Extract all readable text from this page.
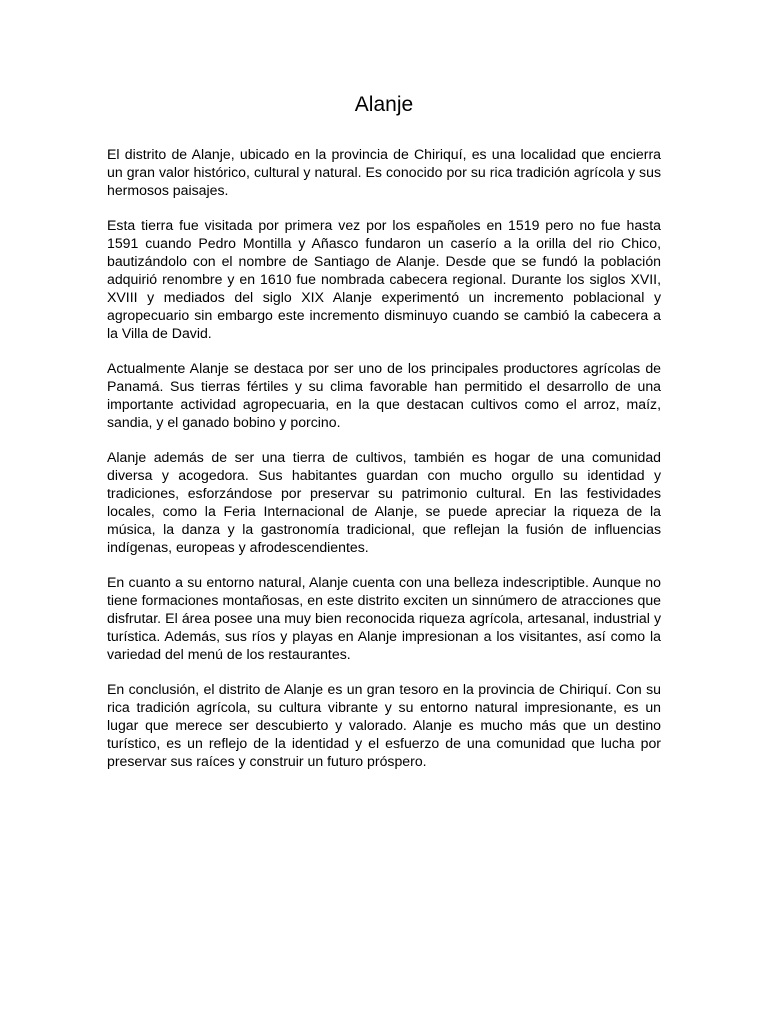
Alanje

El distrito de Alanje, ubicado en la provincia de Chiriquí, es una localidad que encierra un gran valor histórico, cultural y natural. Es conocido por su rica tradición agrícola y sus hermosos paisajes.

Esta tierra fue visitada por primera vez por los españoles en 1519 pero no fue hasta 1591 cuando Pedro Montilla y Añasco fundaron un caserío a la orilla del rio Chico, bautizándolo con el nombre de Santiago de Alanje. Desde que se fundó la población adquirió renombre y en 1610 fue nombrada cabecera regional. Durante los siglos XVII, XVIII y mediados del siglo XIX Alanje experimentó un incremento poblacional y agropecuario sin embargo este incremento disminuyo cuando se cambió la cabecera a la Villa de David.

Actualmente Alanje se destaca por ser uno de los principales productores agrícolas de Panamá. Sus tierras fértiles y su clima favorable han permitido el desarrollo de una importante actividad agropecuaria, en la que destacan cultivos como el arroz, maíz, sandia, y el ganado bobino y porcino.

Alanje además de ser una tierra de cultivos, también es hogar de una comunidad diversa y acogedora. Sus habitantes guardan con mucho orgullo su identidad y tradiciones, esforzándose por preservar su patrimonio cultural. En las festividades locales, como la Feria Internacional de Alanje, se puede apreciar la riqueza de la música, la danza y la gastronomía tradicional, que reflejan la fusión de influencias indígenas, europeas y afrodescendientes.

En cuanto a su entorno natural, Alanje cuenta con una belleza indescriptible. Aunque no tiene formaciones montañosas, en este distrito exciten un sinnúmero de atracciones que disfrutar. El área posee una muy bien reconocida riqueza agrícola, artesanal, industrial y turística. Además, sus ríos y playas en Alanje impresionan a los visitantes, así como la variedad del menú de los restaurantes.

En conclusión, el distrito de Alanje es un gran tesoro en la provincia de Chiriquí. Con su rica tradición agrícola, su cultura vibrante y su entorno natural impresionante, es un lugar que merece ser descubierto y valorado. Alanje es mucho más que un destino turístico, es un reflejo de la identidad y el esfuerzo de una comunidad que lucha por preservar sus raíces y construir un futuro próspero.
